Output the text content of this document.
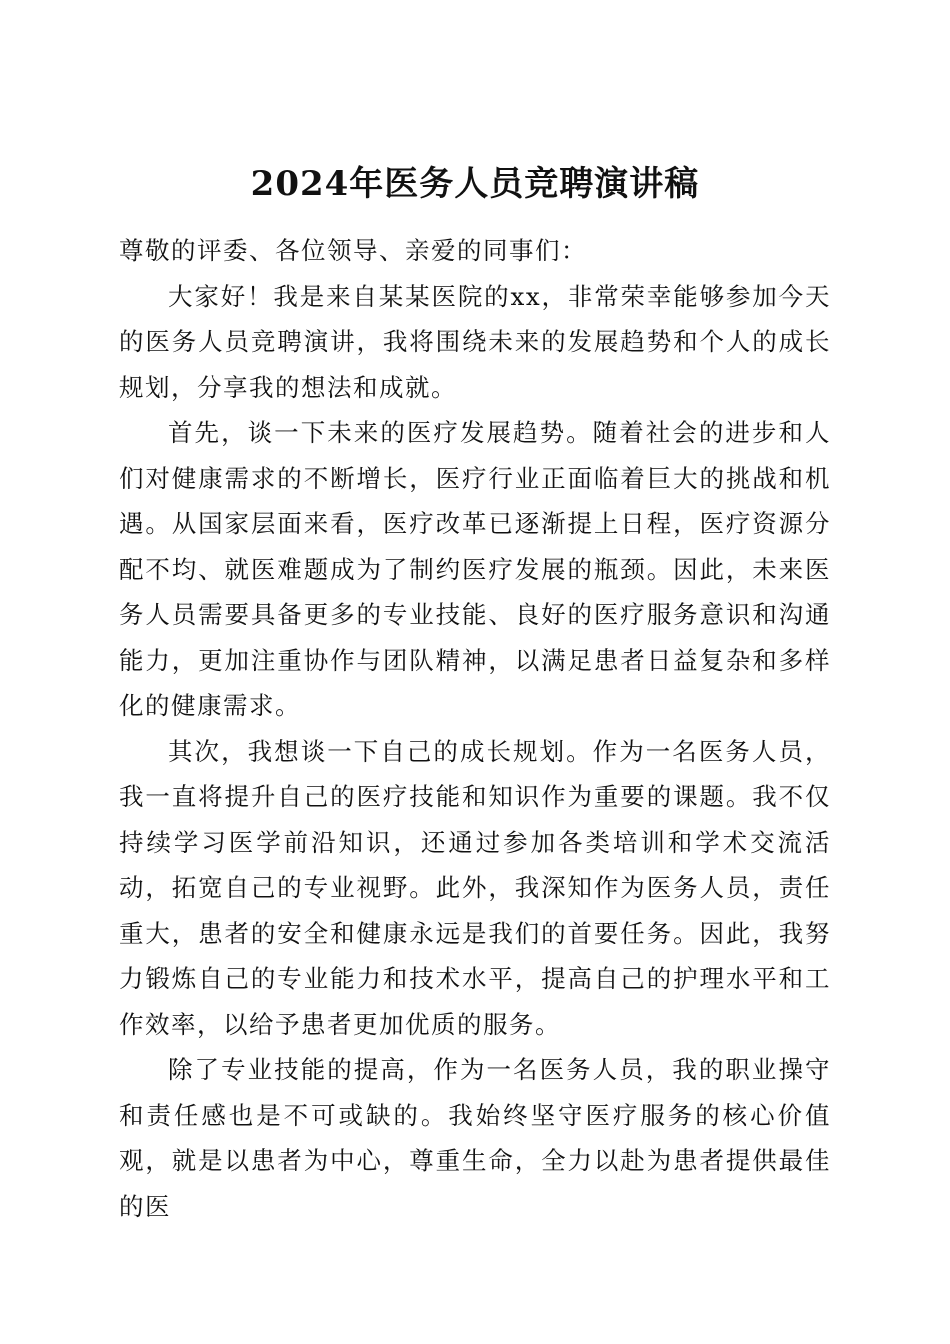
2024年医务人员竞聘演讲稿

尊敬的评委、各位领导、亲爱的同事们：

大家好！我是来自某某医院的xx，非常荣幸能够参加今天的医务人员竞聘演讲，我将围绕未来的发展趋势和个人的成长规划，分享我的想法和成就。

首先，谈一下未来的医疗发展趋势。随着社会的进步和人们对健康需求的不断增长，医疗行业正面临着巨大的挑战和机遇。从国家层面来看，医疗改革已逐渐提上日程，医疗资源分配不均、就医难题成为了制约医疗发展的瓶颈。因此，未来医务人员需要具备更多的专业技能、良好的医疗服务意识和沟通能力，更加注重协作与团队精神，以满足患者日益复杂和多样化的健康需求。

其次，我想谈一下自己的成长规划。作为一名医务人员，我一直将提升自己的医疗技能和知识作为重要的课题。我不仅持续学习医学前沿知识，还通过参加各类培训和学术交流活动，拓宽自己的专业视野。此外，我深知作为医务人员，责任重大，患者的安全和健康永远是我们的首要任务。因此，我努力锻炼自己的专业能力和技术水平，提高自己的护理水平和工作效率，以给予患者更加优质的服务。

除了专业技能的提高，作为一名医务人员，我的职业操守和责任感也是不可或缺的。我始终坚守医疗服务的核心价值观，就是以患者为中心，尊重生命，全力以赴为患者提供最佳的医
